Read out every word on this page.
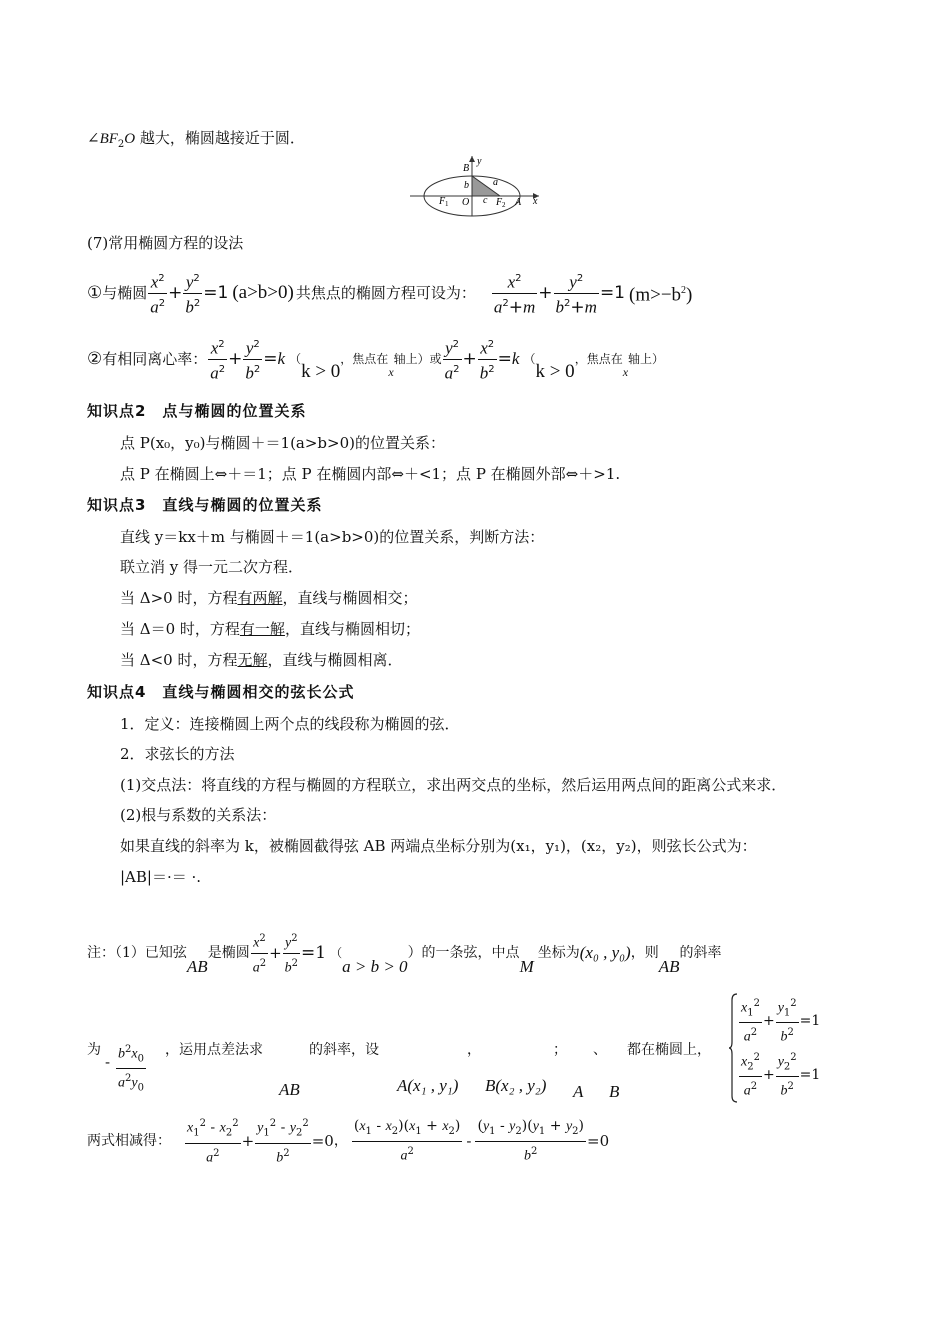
$\angle BF_2O$ 越大，椭圆越接近于圆．
B
y
b a
F 1 O c F 2 A x
(7)常用椭圆方程的设法
① 与椭圆 $\frac{x^2}{a^2} + \frac{y^2}{b^2} =1$ (a>b>0) 共焦点的椭圆方程可设为： $\frac{x^2}{a^2+m} + \frac{y^2}{b^2+m} =1$ $(m>-b^2)$
② 有相同离心率： $\frac{x^2}{a^2} + \frac{y^2}{b^2} =k$ （
k > 0
，焦点在
x
轴上）或 $\frac{y^2}{a^2} + \frac{x^2}{b^2} =k$ （
k > 0
，焦点在
x
轴上）
知识点2　点与椭圆的位置关系
点 P(x₀，y₀)与椭圆＋＝1(a>b>0)的位置关系：
点 P 在椭圆上⇔＋＝1；点 P 在椭圆内部⇔＋<1；点 P 在椭圆外部⇔＋>1.
知识点3　直线与椭圆的位置关系
直线 y＝kx＋m 与椭圆＋＝1(a>b>0)的位置关系，判断方法：
联立消 y 得一元二次方程．
当 Δ>0 时，方程有两解，直线与椭圆相交；
当 Δ＝0 时，方程有一解，直线与椭圆相切；
当 Δ<0 时，方程无解，直线与椭圆相离．
知识点4　直线与椭圆相交的弦长公式
1．定义：连接椭圆上两个点的线段称为椭圆的弦．
2．求弦长的方法
(1)交点法：将直线的方程与椭圆的方程联立，求出两交点的坐标，然后运用两点间的距离公式来求．
(2)根与系数的关系法：
如果直线的斜率为 k，被椭圆截得弦 AB 两端点坐标分别为(x₁，y₁)，(x₂，y₂)，则弦长公式为：
|AB|＝·＝ ·.
注：（1）已知弦
AB
是椭圆 $\frac{x^2}{a^2} + \frac{y^2}{b^2} =1$ （
a > b > 0
）的一条弦，中点
M
坐标为 (x₀ , y₀) ，则
AB
的斜率
为
- $\frac{b^2x_0}{a^2y_0}$ ，运用点差法求
AB
的斜率，设
A(x₁ , y₁)
，
B(x₂ , y₂)
；
A
、
B
都在椭圆上，
$\frac{x_1^2}{a^2} + \frac{y_1^2}{b^2} =1$
$\frac{x_2^2}{a^2} + \frac{y_2^2}{b^2} =1$
两式相减得： $\frac{x_1^2 - x_2^2}{a^2} + \frac{y_1^2 - y_2^2}{b^2} =0$ ， $\frac{(x_1 - x_2)(x_1 + x_2)}{a^2} - \frac{(y_1 - y_2)(y_1 + y_2)}{b^2} =0$
